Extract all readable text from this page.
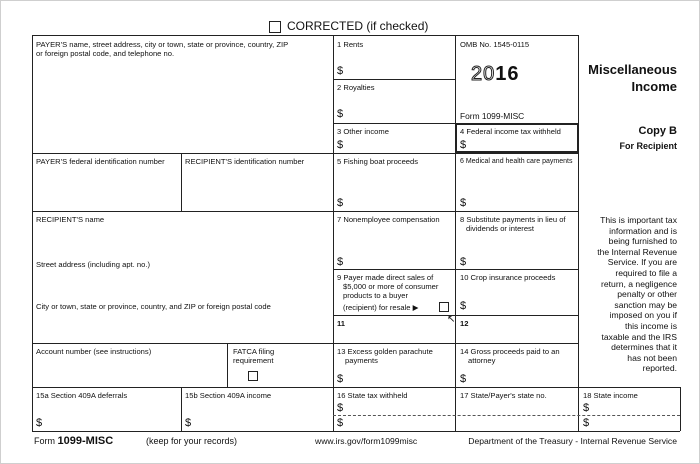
CORRECTED (if checked)
PAYER'S name, street address, city or town, state or province, country, ZIP
or foreign postal code, and telephone no.
1 Rents
$
2 Royalties
$
OMB No. 1545-0115
2016
Form 1099-MISC
Miscellaneous
Income
3 Other income
$
4 Federal income tax withheld
$
Copy B
For Recipient
PAYER'S federal identification number	RECIPIENT'S identification number	5 Fishing boat proceeds
$
6 Medical and health care payments
$
RECIPIENT'S name
Street address (including apt. no.)
City or town, state or province, country, and ZIP or foreign postal code
7 Nonemployee compensation
$
8 Substitute payments in lieu of
dividends or interest
$
This is important tax
information and is
being furnished to
the Internal Revenue
Service. If you are
required to file a
return, a negligence
penalty or other
sanction may be
imposed on you if
this income is
taxable and the IRS
determines that it
has not been
reported.
9 Payer made direct sales of
$5,000 or more of consumer
products to a buyer
(recipient) for resale ▶
10 Crop insurance proceeds
$
11	12
↖
Account number (see instructions)	FATCA filing
requirement
13 Excess golden parachute
payments
$
14 Gross proceeds paid to an
attorney
$
15a Section 409A deferrals
$
15b Section 409A income
$
16 State tax withheld
$
$
17 State/Payer's state no.	18 State income
$
$
Form 1099-MISC	(keep for your records)	www.irs.gov/form1099misc	Department of the Treasury - Internal Revenue Service
